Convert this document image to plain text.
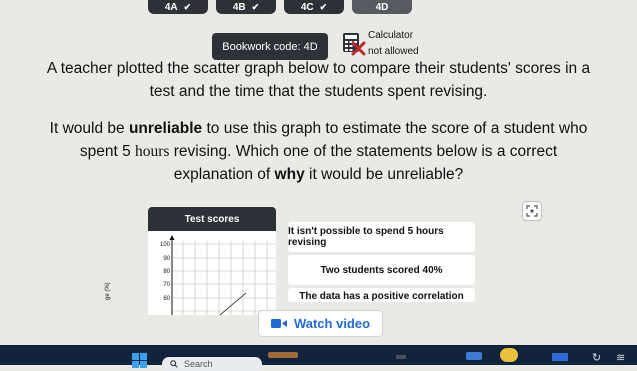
4A ✔	4B ✔	4C ✔	4D
Bookwork code: 4D
Calculator
not allowed
A teacher plotted the scatter graph below to compare their students' scores in a
test and the time that the students spent revising.
It would be unreliable to use this graph to estimate the score of a student who
spent 5 hours revising. Which one of the statements below is a correct
explanation of why it would be unreliable?
Test scores
ge (%)
100
90
80
70
60
It isn't possible to spend 5 hours revising
Two students scored 40%
The data has a positive correlation
Watch video
Search	↻ ≋
